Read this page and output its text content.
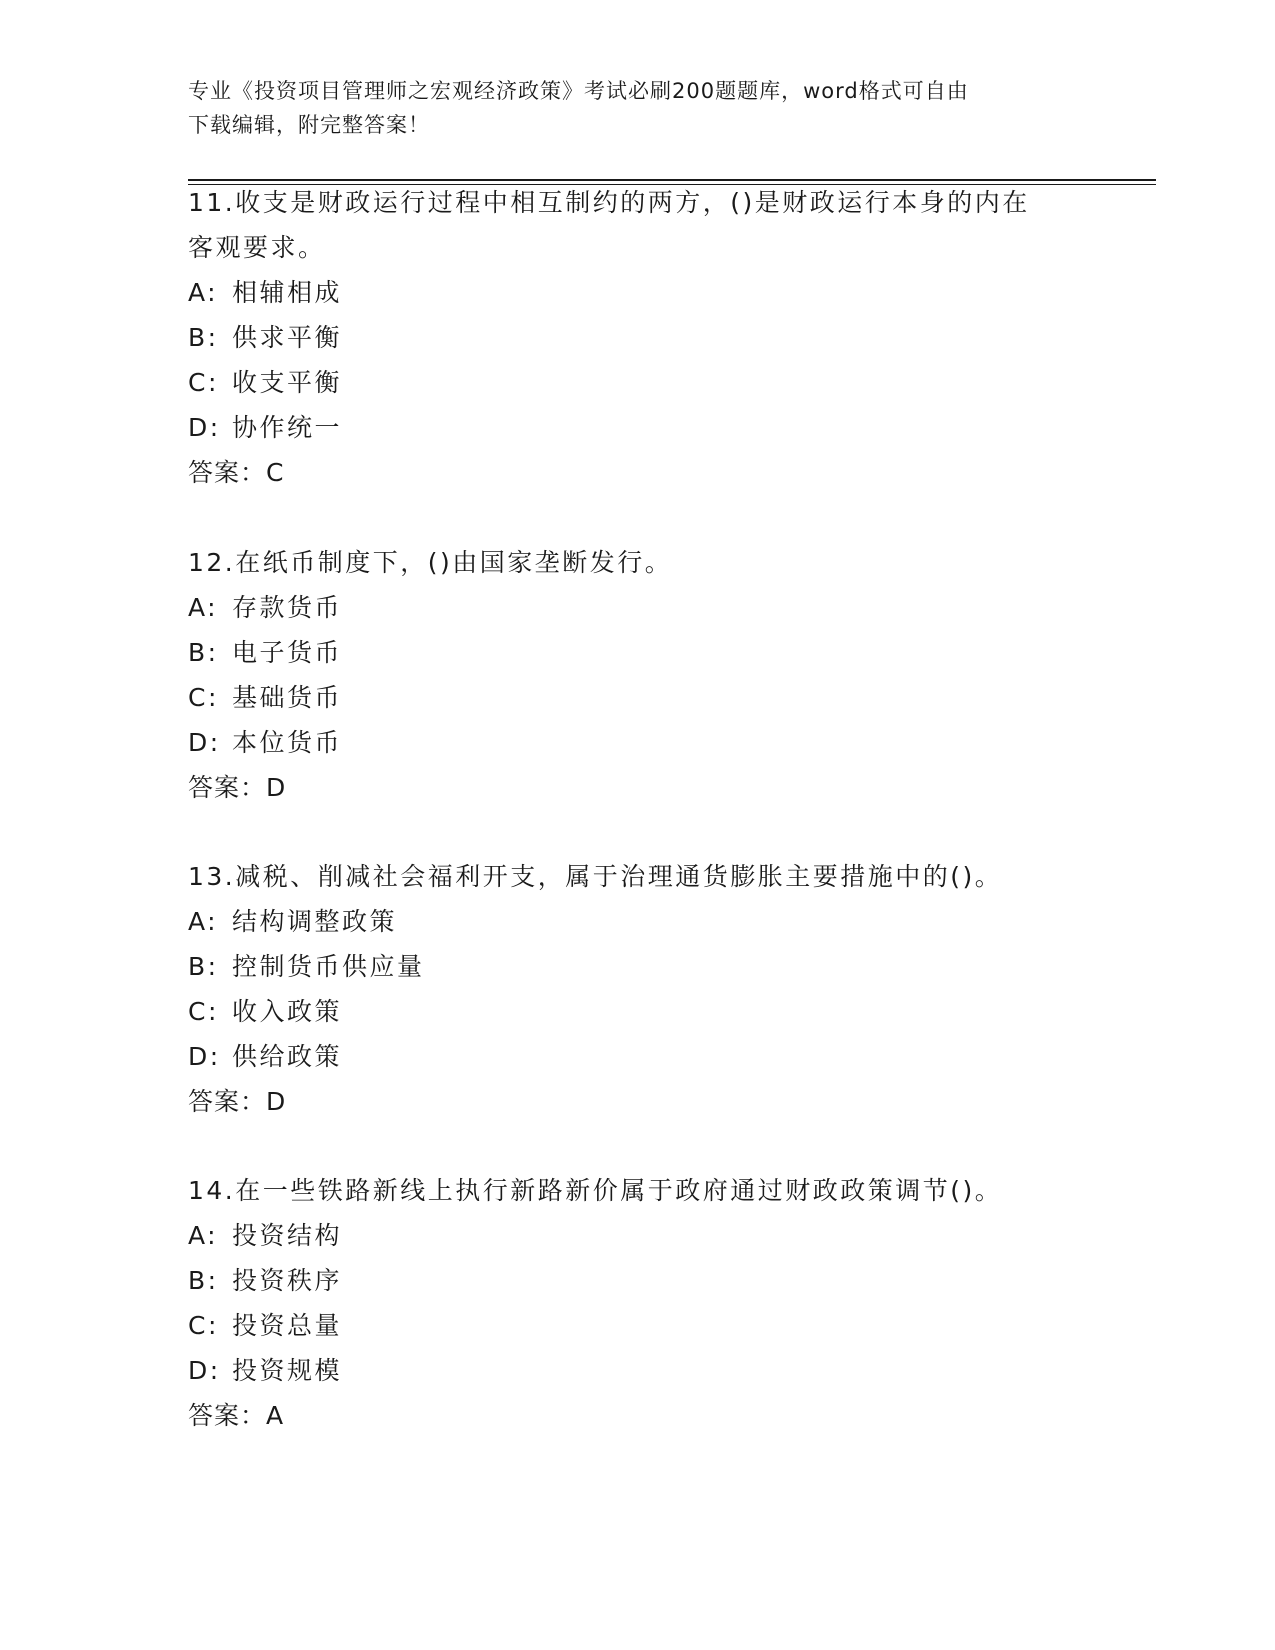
专业《投资项目管理师之宏观经济政策》考试必刷200题题库，word格式可自由
下载编辑，附完整答案！

11.收支是财政运行过程中相互制约的两方，()是财政运行本身的内在

客观要求。

A: 相辅相成

B: 供求平衡

C: 收支平衡

D: 协作统一

答案：C

12.在纸币制度下，()由国家垄断发行。

A: 存款货币

B: 电子货币

C: 基础货币

D: 本位货币

答案：D

13.减税、削减社会福利开支，属于治理通货膨胀主要措施中的()。

A: 结构调整政策

B: 控制货币供应量

C: 收入政策

D: 供给政策

答案：D

14.在一些铁路新线上执行新路新价属于政府通过财政政策调节()。

A: 投资结构

B: 投资秩序

C: 投资总量

D: 投资规模

答案：A
